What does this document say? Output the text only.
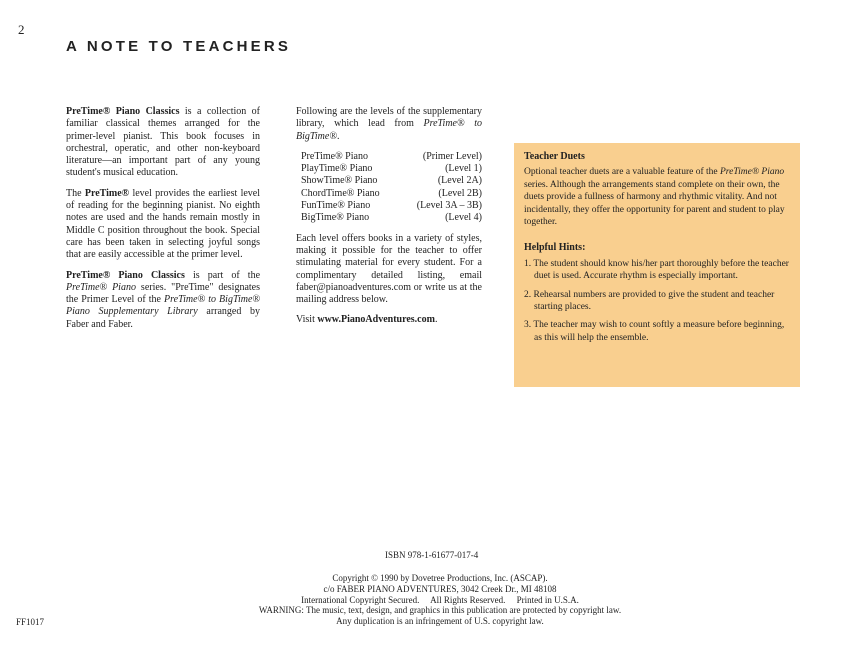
2
A NOTE TO TEACHERS

PreTime® Piano Classics is a collection of familiar classical themes arranged for the primer-level pianist. This book focuses in orchestral, operatic, and other non-keyboard literature—an important part of any young student's musical education.

The PreTime® level provides the earliest level of reading for the beginning pianist. No eighth notes are used and the hands remain mostly in Middle C position throughout the book. Special care has been taken in selecting joyful songs that are easily accessible at the primer level.

PreTime® Piano Classics is part of the PreTime® Piano series. "PreTime" designates the Primer Level of the PreTime® to BigTime® Piano Supplementary Library arranged by Faber and Faber.

Following are the levels of the supplementary library, which lead from PreTime® to BigTime®.

PreTime® Piano	(Primer Level)
PlayTime® Piano	(Level 1)
ShowTime® Piano	(Level 2A)
ChordTime® Piano	(Level 2B)
FunTime® Piano	(Level 3A – 3B)
BigTime® Piano	(Level 4)

Each level offers books in a variety of styles, making it possible for the teacher to offer stimulating material for every student. For a complimentary detailed listing, email faber@pianoadventures.com or write us at the mailing address below.

Visit www.PianoAdventures.com.

Teacher Duets

Optional teacher duets are a valuable feature of the PreTime® Piano series. Although the arrangements stand complete on their own, the duets provide a fullness of harmony and rhythmic vitality. And not incidentally, they offer the opportunity for parent and student to play together.

Helpful Hints:
1. The student should know his/her part thoroughly before the teacher duet is used. Accurate rhythm is especially important.
2. Rehearsal numbers are provided to give the student and teacher starting places.
3. The teacher may wish to count softly a measure before beginning, as this will help the ensemble.
ISBN 978-1-61677-017-4
Copyright © 1990 by Dovetree Productions, Inc. (ASCAP).
c/o FABER PIANO ADVENTURES, 3042 Creek Dr., MI 48108
International Copyright Secured.     All Rights Reserved.     Printed in U.S.A.
WARNING: The music, text, design, and graphics in this publication are protected by copyright law.
Any duplication is an infringement of U.S. copyright law.
FF1017
